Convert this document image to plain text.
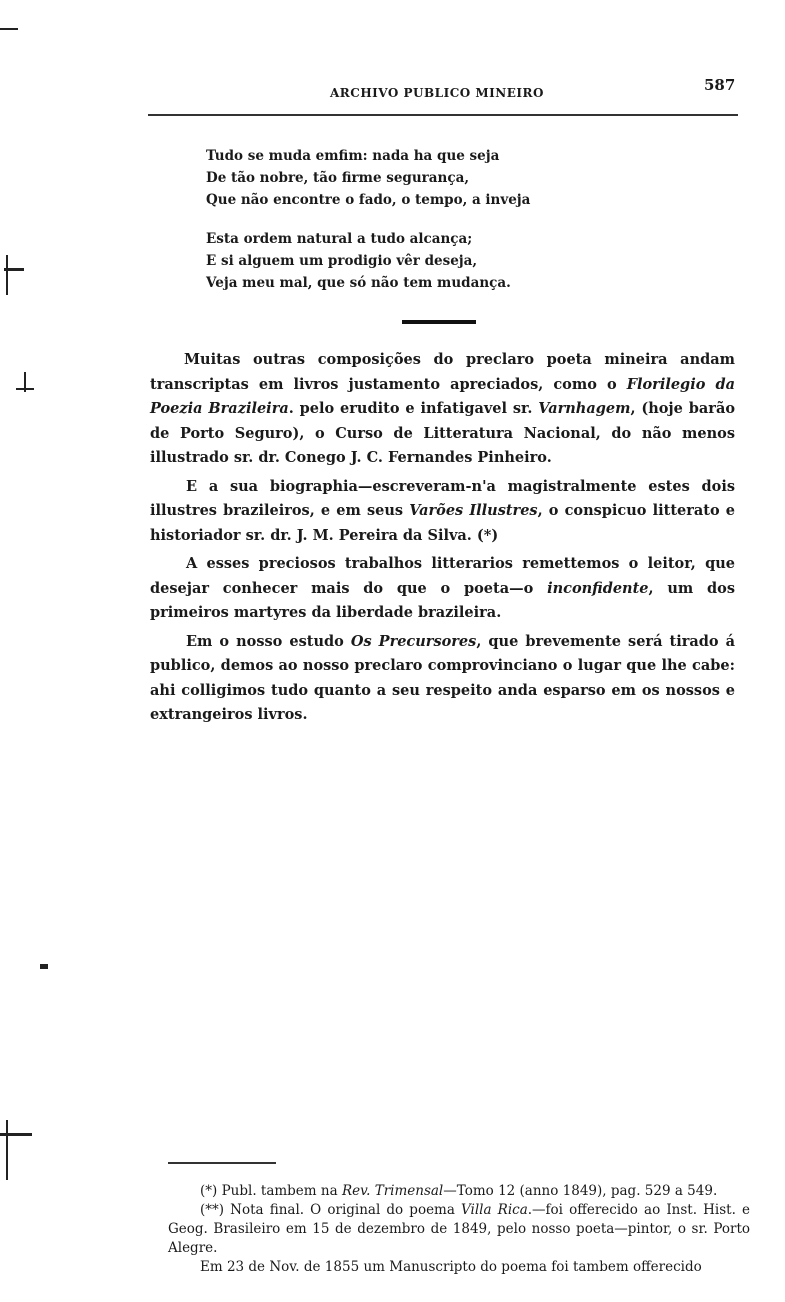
ARCHIVO PUBLICO MINEIRO	587
Tudo se muda emfim: nada ha que seja
De tão nobre, tão firme segurança,
Que não encontre o fado, o tempo, a inveja
Esta ordem natural a tudo alcança;
E si alguem um prodigio vêr deseja,
Veja meu mal, que só não tem mudança.

Muitas outras composições do preclaro poeta mineira andam transcriptas em livros justamento apreciados, como o Florilegio da Poezia Brazileira. pelo erudito e infatigavel sr. Varnhagem, (hoje barão de Porto Seguro), o Curso de Litteratura Nacional, do não menos illustrado sr. dr. Conego J. C. Fernandes Pinheiro.

E a sua biographia—escreveram-n'a magistralmente estes dois illustres brazileiros, e em seus Varões Illustres, o conspicuo litterato e historiador sr. dr. J. M. Pereira da Silva. (*)

A esses preciosos trabalhos litterarios remettemos o leitor, que desejar conhecer mais do que o poeta—o inconfidente, um dos primeiros martyres da liberdade brazileira.

Em o nosso estudo Os Precursores, que brevemente será tirado á publico, demos ao nosso preclaro comprovinciano o lugar que lhe cabe: ahi colligimos tudo quanto a seu respeito anda esparso em os nossos e extrangeiros livros.

(*) Publ. tambem na Rev. Trimensal—Tomo 12 (anno 1849), pag. 529 a 549.

(**) Nota final. O original do poema Villa Rica.—foi offerecido ao Inst. Hist. e Geog. Brasileiro em 15 de dezembro de 1849, pelo nosso poeta—pintor, o sr. Porto Alegre.

Em 23 de Nov. de 1855 um Manuscripto do poema foi tambem offerecido
